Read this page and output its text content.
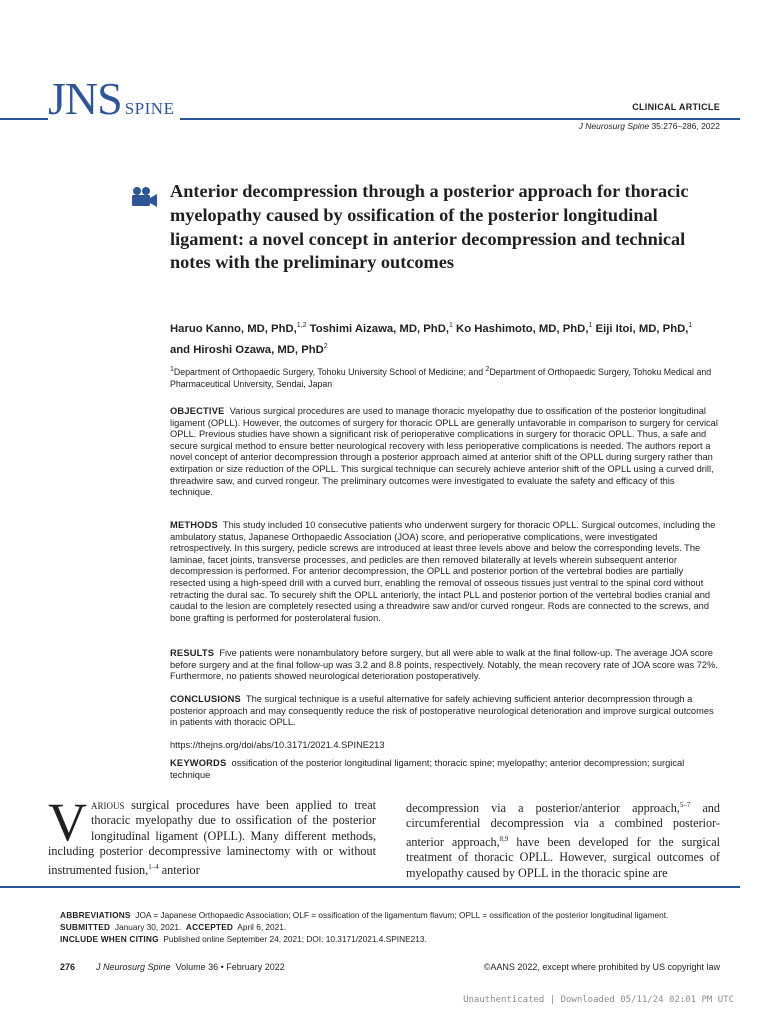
JNS SPINE	CLINICAL ARTICLE
J Neurosurg Spine 35:276–286, 2022
Anterior decompression through a posterior approach for thoracic myelopathy caused by ossification of the posterior longitudinal ligament: a novel concept in anterior decompression and technical notes with the preliminary outcomes
Haruo Kanno, MD, PhD,$^{1,2}$ Toshimi Aizawa, MD, PhD,$^1$ Ko Hashimoto, MD, PhD,$^1$ Eiji Itoi, MD, PhD,$^1$
and Hiroshi Ozawa, MD, PhD$^2$
$^1$Department of Orthopaedic Surgery, Tohoku University School of Medicine; and $^2$Department of Orthopaedic Surgery, Tohoku Medical and Pharmaceutical University, Sendai, Japan
OBJECTIVE Various surgical procedures are used to manage thoracic myelopathy due to ossification of the posterior longitudinal ligament (OPLL). However, the outcomes of surgery for thoracic OPLL are generally unfavorable in comparison to surgery for cervical OPLL. Previous studies have shown a significant risk of perioperative complications in surgery for thoracic OPLL. Thus, a safe and secure surgical method to ensure better neurological recovery with less perioperative complications is needed. The authors report a novel concept of anterior decompression through a posterior approach aimed at anterior shift of the OPLL during surgery rather than extirpation or size reduction of the OPLL. This surgical technique can securely achieve anterior shift of the OPLL using a curved drill, threadwire saw, and curved rongeur. The preliminary outcomes were investigated to evaluate the safety and efficacy of this technique.
METHODS This study included 10 consecutive patients who underwent surgery for thoracic OPLL. Surgical outcomes, including the ambulatory status, Japanese Orthopaedic Association (JOA) score, and perioperative complications, were investigated retrospectively. In this surgery, pedicle screws are introduced at least three levels above and below the corresponding levels. The laminae, facet joints, transverse processes, and pedicles are then removed bilaterally at levels wherein subsequent anterior decompression is performed. For anterior decompression, the OPLL and posterior portion of the vertebral bodies are partially resected using a high-speed drill with a curved burr, enabling the removal of osseous tissues just ventral to the spinal cord without retracting the dural sac. To securely shift the OPLL anteriorly, the intact PLL and posterior portion of the vertebral bodies cranial and caudal to the lesion are completely resected using a threadwire saw and/or curved rongeur. Rods are connected to the screws, and bone grafting is performed for posterolateral fusion.
RESULTS Five patients were nonambulatory before surgery, but all were able to walk at the final follow-up. The average JOA score before surgery and at the final follow-up was 3.2 and 8.8 points, respectively. Notably, the mean recovery rate of JOA score was 72%. Furthermore, no patients showed neurological deterioration postoperatively.
CONCLUSIONS The surgical technique is a useful alternative for safely achieving sufficient anterior decompression through a posterior approach and may consequently reduce the risk of postoperative neurological deterioration and improve surgical outcomes in patients with thoracic OPLL.
https://thejns.org/doi/abs/10.3171/2021.4.SPINE213
KEYWORDS ossification of the posterior longitudinal ligament; thoracic spine; myelopathy; anterior decompression; surgical technique
Various surgical procedures have been applied to treat thoracic myelopathy due to ossification of the posterior longitudinal ligament (OPLL). Many different methods, including posterior decompressive laminectomy with or without instrumented fusion,$^{1-4}$ anterior
decompression via a posterior/anterior approach,$^{5-7}$ and circumferential decompression via a combined posterior-anterior approach,$^{8,9}$ have been developed for the surgical treatment of thoracic OPLL. However, surgical outcomes of myelopathy caused by OPLL in the thoracic spine are
ABBREVIATIONS JOA = Japanese Orthopaedic Association; OLF = ossification of the ligamentum flavum; OPLL = ossification of the posterior longitudinal ligament.
SUBMITTED January 30, 2021. ACCEPTED April 6, 2021.
INCLUDE WHEN CITING Published online September 24, 2021; DOI: 10.3171/2021.4.SPINE213.
276 J Neurosurg Spine Volume 36 • February 2022	©AANS 2022, except where prohibited by US copyright law
Unauthenticated | Downloaded 05/11/24 02:01 PM UTC
